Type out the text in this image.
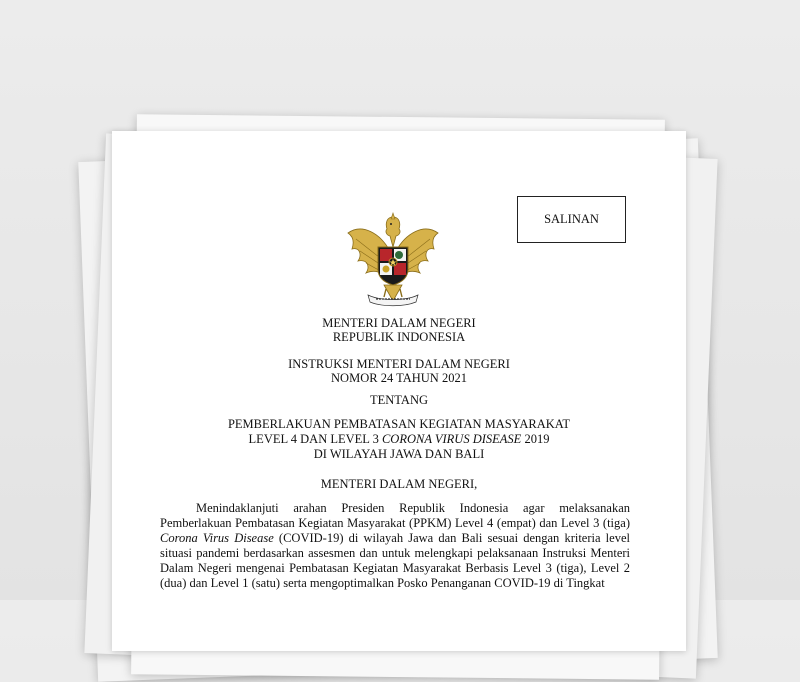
SALINAN
MENTERI DALAM NEGERI
REPUBLIK INDONESIA
INSTRUKSI MENTERI DALAM NEGERI
NOMOR 24 TAHUN 2021
TENTANG
PEMBERLAKUAN PEMBATASAN KEGIATAN MASYARAKAT
LEVEL 4 DAN LEVEL 3 CORONA VIRUS DISEASE 2019
DI WILAYAH JAWA DAN BALI
MENTERI DALAM NEGERI,

Menindaklanjuti arahan Presiden Republik Indonesia agar melaksanakan Pemberlakuan Pembatasan Kegiatan Masyarakat (PPKM) Level 4 (empat) dan Level 3 (tiga) Corona Virus Disease (COVID-19) di wilayah Jawa dan Bali sesuai dengan kriteria level situasi pandemi berdasarkan assesmen dan untuk melengkapi pelaksanaan Instruksi Menteri Dalam Negeri mengenai Pembatasan Kegiatan Masyarakat Berbasis Level 3 (tiga), Level 2 (dua) dan Level 1 (satu) serta mengoptimalkan Posko Penanganan COVID-19 di Tingkat
